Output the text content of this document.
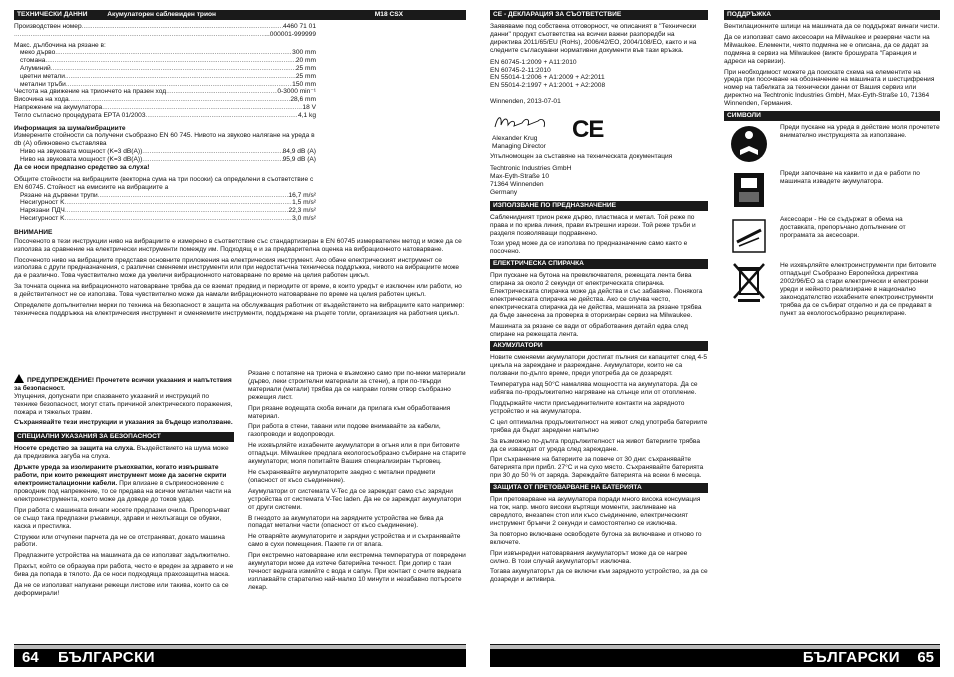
ТЕХНИЧЕСКИ ДАННИ	Акумулаторен саблевиден трион	M18 CSX
Производствен номер .....	4460 71 01
.....
...000001-999999
Макс. дълбочина на рязане в:
меко дърво .....	300 mm
стомана .....	20 mm
Алуминий .....	25 mm
цветни метали .....	25 mm
метални тръби .....	150 mm
Честота на движение на триончето на празен ход .....	0-3000 min⁻¹
Височина на хода .....	28,6 mm
Напрежение на акумулатора .....	18 V
Тегло съгласно процедурата EPTA 01/2003 .....	4,1 kg

Информация за шума/вибрациите

Измерените стойности са получени съобразно EN 60 745. Нивото на звуково налягане на уреда в db (A) обикновено съставлява

Ниво на звуковата мощност (K=3 dB(A)) .....	84,9 dB (A)
Ниво на звуковата мощност (K=3 dB(A)) .....	95,9 dB (A)

Да се носи предпазно средство за слуха!

Общите стойности на вибрациите (векторна сума на три посоки) са определени в съответствие с EN 60745. Стойност на емисиите на вибрациите a

Рязане на дървени трупи .....	16,7 m/s²
Несигурност K .....	1,5 m/s²
Нарязани ПДЧ .....	22,3 m/s²
Несигурност K .....	3,0 m/s²

ВНИМАНИЕ

Посоченото в тези инструкции ниво на вибрациите е измерено в съответствие със стандартизиран в EN 60745 измервателен метод и може да се използва за сравнение на електрически инструменти помежду им. Подходящ е и за предварителна оценка на вибрационното натоварване.

Посоченото ниво на вибрациите представя основните приложения на електрическия инструмент. Ако обаче електрическият инструмент се използва с други предназначения, с различни сменяеми инструменти или при недостатъчна техническа поддръжка, нивото на вибрациите може да е различно. Това чувствително може да увеличи вибрационното натоварване по време на целия работен цикъл.

За точната оценка на вибрационното натоварване трябва да се вземат предвид и периодите от време, в които уредът е изключен или работи, но в действителност не се използва. Това чувствително може да намали вибрационното натоварване по време на целия работен цикъл.

Определете допълнителни мерки по техника на безопасност в защита на обслужващия работник от въздействието на вибрациите като например: техническа поддръжка на електрическия инструмент и сменяемите инструменти, поддържане на ръцете топли, организация на работния цикъл.

ПРЕДУПРЕЖДЕНИЕ! Прочетете всички указания и напътствия за безопасност.

Упущения, допуснати при спазването указаний и инструкций по технике безопасност, могут стать причиной электрического поражения, пожара и тяжелых травм.

Съхранявайте тези инструкции и указания за бъдещо използване.

СПЕЦИАЛНИ УКАЗАНИЯ ЗА БЕЗОПАСНОСТ

Носете средство за защита на слуха. Въздействието на шума може да предизвика загуба на слуха.

Дръжте уреда за изолираните ръкохватки, когато извършвате работи, при които режещият инструмент може да засегне скрити електроинсталационни кабели. При влизане в съприкосновение с проводник под напрежение, то се предава на всички метални части на електроинструмента, което може да доведе до токов удар.

При работа с машината винаги носете предпазни очила. Препоръчват се също така предпазни ръкавици, здрави и нехлъзгащи се обувки, каска и престилка.

Стружки или отчупени парчета да не се отстраняват, докато машина работи.

Предпазните устройства на машината да се използват задължително.

Прахът, който се образува при работа, често е вреден за здравето и не бива да попада в тялото. Да се носи подходяща прахозащитна маска.

Да не се използват напукани режещи листове или такива, които са се деформирали!

Рязане с потапяне на триона е възможно само при по-меки материали (дърво, леки строителни материали за стени), а при по-твърди материали (метали) трябва да се направи голям отвор съобразно режещия лист.

При рязане водещата скоба винаги да прилага към обработвания материал.

При работа в стени, тавани или подове внимавайте за кабели, газопроводи и водопроводи.

Не изхвърляйте изхабените акумулатори в огъня или в при битовите отпадъци. Milwaukee предлага екологосъобразно събиране на старите акумулатори; моля попитайте Вашия специализиран търговец.

Не съхранявайте акумулаторите заедно с метални предмети (опасност от късо съединение).

Акумулатори от системата V-Tec да се зареждат само със зарядни устройства от системата V-Tec laden. Да не се зареждат акумулатори от други системи.

В гнездото за акумулатори на зарядните устройства не бива да попадат метални части (опасност от късо съединение).

Не отваряйте акумулаторите и зарядни устройства и и съхранявайте само в сухи помещения. Пазете ги от влага.

При екстремно натоварване или екстремна температура от повредени акумулатори може да изтече батерийна течност. При допир с тази течност веднага измийте с вода и сапун. При контакт с очите веднага изплаквайте старателно най-малко 10 минути и незабавно потърсете лекар.

64 БЪЛГАРСКИ
СЕ - ДЕКЛАРАЦИЯ ЗА СЪОТВЕТСТВИЕ

Заявяваме под собствена отговорност, че описаният в "Технически данни" продукт съответства на всички важни разпоредби на директива 2011/65/EU (RoHs), 2006/42/EO, 2004/108/ЕО, както и на следните съгласувани нормативни документи във тази връзка.

EN 60745-1:2009 + A11:2010
EN 60745-2-11:2010
EN 55014-1:2006 + A1:2009 + A2:2011
EN 55014-2:1997 + A1:2001 + A2:2008

Winnenden, 2013-07-01

CE
Alexander Krug
Managing Director

Упълномощен за съставяне на техническата документация

Techtronic Industries GmbH
Max-Eyth-Straße 10
71364 Winnenden
Germany
ИЗПОЛЗВАНЕ ПО ПРЕДНАЗНАЧЕНИЕ

Сабленидният трион реже дърво, пластмаса и метал. Той реже по права и по крива линия, прави вътрешни изрези. Той реже тръби и разделя позволяващи подравнено.

Този уред може да се използва по предназначение само както е посочено.

ЕЛЕКТРИЧЕСКА СПИРАЧКА

При пускане на бутона на превключвателя, режещата лента бива спирана за около 2 секунди от електрическата спирачка. Електрическата спирачка може да действа и със забавяне. Понякога електрическата спирачка не действа. Ако се случва често, електрическата спирачка да не действа, машината за рязане трябва да бъде занесена за проверка в оторизиран сервиз на Milwaukee.

Машината за рязане се вади от обработвания детайл едва след спиране на режещата лента.

АКУМУЛАТОРИ

Новите сменяеми акумулатори достигат пълния си капацитет след 4-5 цикъла на зареждане и разреждане. Акумулатори, които не са ползвани по-дълго време, преди употреба да се дозаредят.

Температура над 50°C намалява мощността на акумулатора. Да се избягва по-продължително нагряване на слънце или от отопление.

Поддържайте чисти присъединителните контакти на зарядното устройство и на акумулатора.

С цел оптимална продължителност на живот след употреба батериите трябва да бъдат заредени напълно

За възможно по-дълга продължителност на живот батериите трябва да се изваждат от уреда след зареждане.

При съхранение на батериите за повече от 30 дни: съхранявайте батерията при прибл. 27°C и на сухо място. Съхранявайте батерията при 30 до 50 % от заряда. Зареждайте батерията на всеки 6 месеца.

ЗАЩИТА ОТ ПРЕТОВАРВАНЕ НА БАТЕРИЯТА

При претоварване на акумулатора поради много висока консумация на ток, напр. много високи въртящи моменти, заклинване на свредлото, внезапен стоп или късо съединение, електрическият инструмент бръмчи 2 секунди и самостоятелно се изключва.

За повторно включване освободете бутона за включване и отново го включете.

При извънредни натоварвания акумулаторът може да се нагрее силно. В този случай акумулаторът изключва.

Тогава акумулаторът да се включи към зарядното устройство, за да се дозареди и активира.

ПОДДРЪЖКА

Вентилационните шлици на машината да се поддържат винаги чисти.

Да се използват само аксесоари на Milwaukee и резервни части на Milwaukee. Елементи, чиято подмяна не е описана, да се дадат за подмяна в сервиз на Milwaukee (вижте брошурата "Гаранция и адреси на сервизи).

При необходимост можете да поискате схема на елементите на уреда при посочване на обозначение на машината и шестцифрения номер на табелката за технически данни от Вашия сервиз или директно на Techtronic Industries GmbH, Max-Eyth-Straße 10, 71364 Winnenden, Германия.

СИМВОЛИ
Преди пускане на уреда в действие моля прочетете внимателно инструкцията за използване.
Преди започване на каквито и да е работи по машината извадете акумулатора.
Аксесоари - Не се съдържат в обема на доставката, препоръчано допълнение от програмата за аксесоари.
Не изхвърляйте електроинструменти при битовите отпадъци! Съобразно Европейска директива 2002/96/ЕО за стари електрически и електронни уреди и нейното реализиране в национално законодателство изхабените електроинструменти трябва да се събират отделно и да се предават в пункт за екологосъобразно рециклиране.
БЪЛГАРСКИ 65
